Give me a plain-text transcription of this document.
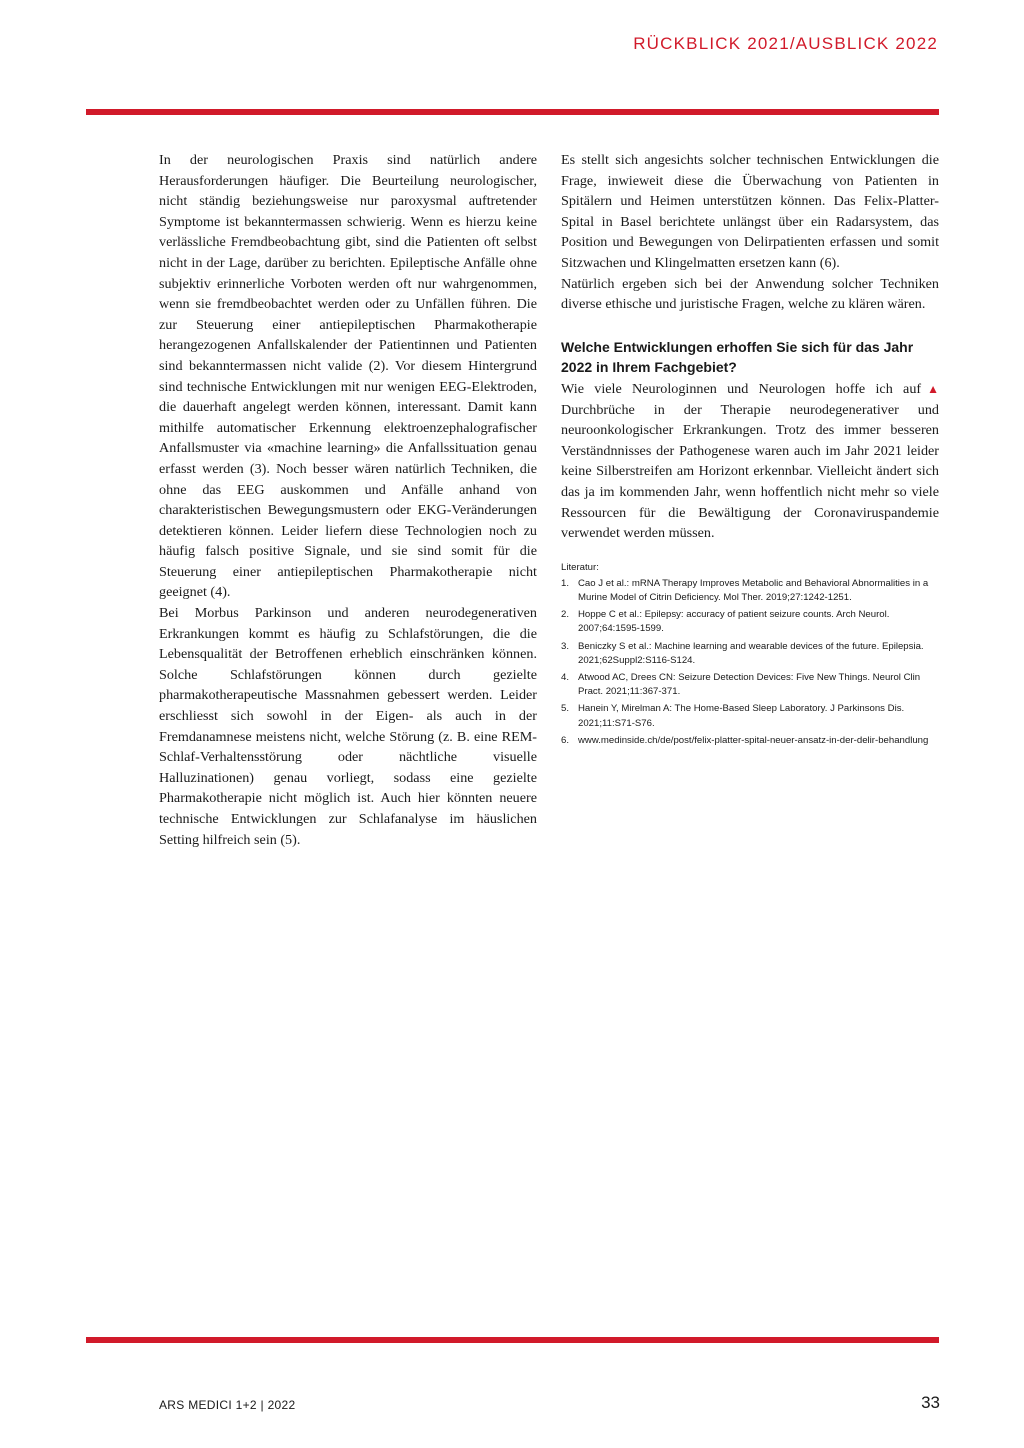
RÜCKBLICK 2021/AUSBLICK 2022

In der neurologischen Praxis sind natürlich andere Herausforderungen häufiger. Die Beurteilung neurologischer, nicht ständig beziehungsweise nur paroxysmal auftretender Symptome ist bekanntermassen schwierig. Wenn es hierzu keine verlässliche Fremdbeobachtung gibt, sind die Patienten oft selbst nicht in der Lage, darüber zu berichten. Epileptische Anfälle ohne subjektiv erinnerliche Vorboten werden oft nur wahrgenommen, wenn sie fremdbeobachtet werden oder zu Unfällen führen. Die zur Steuerung einer antiepileptischen Pharmakotherapie herangezogenen Anfallskalender der Patientinnen und Patienten sind bekanntermassen nicht valide (2). Vor diesem Hintergrund sind technische Entwicklungen mit nur wenigen EEG-Elektroden, die dauerhaft angelegt werden können, interessant. Damit kann mithilfe automatischer Erkennung elektroenzephalografischer Anfallsmuster via «machine learning» die Anfallssituation genau erfasst werden (3). Noch besser wären natürlich Techniken, die ohne das EEG auskommen und Anfälle anhand von charakteristischen Bewegungsmustern oder EKG-Veränderungen detektieren können. Leider liefern diese Technologien noch zu häufig falsch positive Signale, und sie sind somit für die Steuerung einer antiepileptischen Pharmakotherapie nicht geeignet (4).

Bei Morbus Parkinson und anderen neurodegenerativen Erkrankungen kommt es häufig zu Schlafstörungen, die die Lebensqualität der Betroffenen erheblich einschränken können. Solche Schlafstörungen können durch gezielte pharmakotherapeutische Massnahmen gebessert werden. Leider erschliesst sich sowohl in der Eigen- als auch in der Fremdanamnese meistens nicht, welche Störung (z. B. eine REM-Schlaf-Verhaltensstörung oder nächtliche visuelle Halluzinationen) genau vorliegt, sodass eine gezielte Pharmakotherapie nicht möglich ist. Auch hier könnten neuere technische Entwicklungen zur Schlafanalyse im häuslichen Setting hilfreich sein (5).

Es stellt sich angesichts solcher technischen Entwicklungen die Frage, inwieweit diese die Überwachung von Patienten in Spitälern und Heimen unterstützen können. Das Felix-Platter-Spital in Basel berichtete unlängst über ein Radarsystem, das Position und Bewegungen von Delirpatienten erfassen und somit Sitzwachen und Klingelmatten ersetzen kann (6).

Natürlich ergeben sich bei der Anwendung solcher Techniken diverse ethische und juristische Fragen, welche zu klären wären.

Welche Entwicklungen erhoffen Sie sich für das Jahr 2022 in Ihrem Fachgebiet?

▲
Wie viele Neurologinnen und Neurologen hoffe ich auf Durchbrüche in der Therapie neurodegenerativer und neuroonkologischer Erkrankungen. Trotz des immer besseren Verständnnisses der Pathogenese waren auch im Jahr 2021 leider keine Silberstreifen am Horizont erkennbar. Vielleicht ändert sich das ja im kommenden Jahr, wenn hoffentlich nicht mehr so viele Ressourcen für die Bewältigung der Coronaviruspandemie verwendet werden müssen.

Literatur:
1. Cao J et al.: mRNA Therapy Improves Metabolic and Behavioral Abnormalities in a Murine Model of Citrin Deficiency. Mol Ther. 2019;27:1242-1251.
2. Hoppe C et al.: Epilepsy: accuracy of patient seizure counts. Arch Neurol. 2007;64:1595-1599.
3. Beniczky S et al.: Machine learning and wearable devices of the future. Epilepsia. 2021;62Suppl2:S116-S124.
4. Atwood AC, Drees CN: Seizure Detection Devices: Five New Things. Neurol Clin Pract. 2021;11:367-371.
5. Hanein Y, Mirelman A: The Home-Based Sleep Laboratory. J Parkinsons Dis. 2021;11:S71-S76.
6. www.medinside.ch/de/post/felix-platter-spital-neuer-ansatz-in-der-delir-behandlung
ARS MEDICI 1+2 | 2022	33
